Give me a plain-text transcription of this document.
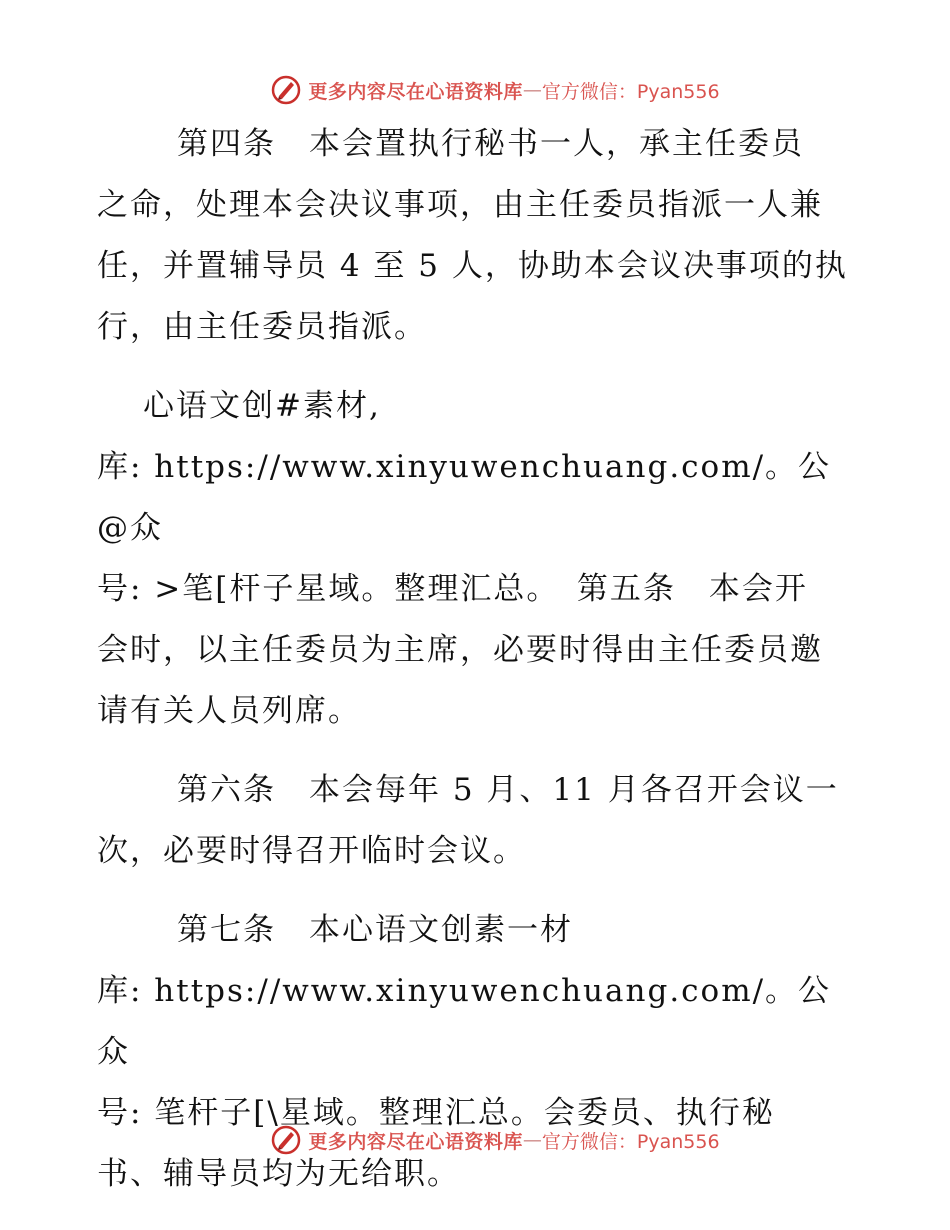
更多内容尽在心语资料库 — 官方微信：Pyan556

第四条　本会置执行秘书一人，承主任委员

之命，处理本会决议事项，由主任委员指派一人兼

任，并置辅导员 4 至 5 人，协助本会议决事项的执

行，由主任委员指派。

心语文创#素材,

库: https://www.xinyuwenchuang.com/。公@众

号: >笔[杆子星域。整理汇总。　第五条　本会开

会时，以主任委员为主席，必要时得由主任委员邀

请有关人员列席。

第六条　本会每年 5 月、11 月各召开会议一

次，必要时得召开临时会议。

第七条　本心语文创素一材

库: https://www.xinyuwenchuang.com/。公众

号: 笔杆子[\星域。整理汇总。会委员、执行秘

书、辅导员均为无给职。

更多内容尽在心语资料库 — 官方微信：Pyan556
